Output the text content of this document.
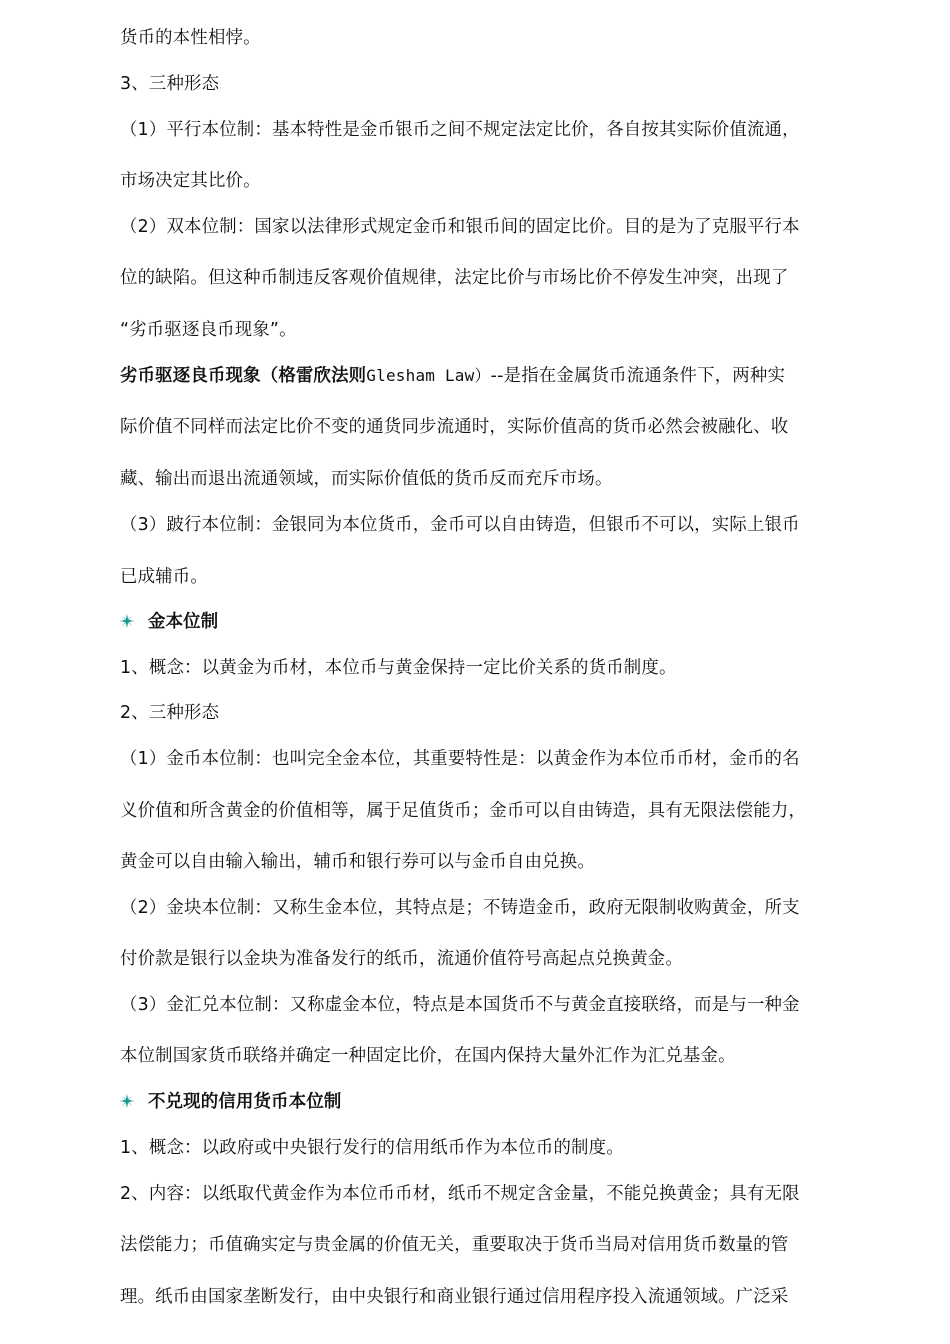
货币的本性相悖。
3、三种形态
（1）平行本位制：基本特性是金币银币之间不规定法定比价，各自按其实际价值流通，
市场决定其比价。
（2）双本位制：国家以法律形式规定金币和银币间的固定比价。目的是为了克服平行本
位的缺陷。但这种币制违反客观价值规律，法定比价与市场比价不停发生冲突，出现了
“劣币驱逐良币现象”。
劣币驱逐良币现象（格雷欣法则Glesham Law）--是指在金属货币流通条件下，两种实
际价值不同样而法定比价不变的通货同步流通时，实际价值高的货币必然会被融化、收
藏、输出而退出流通领域，而实际价值低的货币反而充斥市场。
（3）跛行本位制：金银同为本位货币，金币可以自由铸造，但银币不可以，实际上银币
已成辅币。
金本位制
1、概念：以黄金为币材，本位币与黄金保持一定比价关系的货币制度。
2、三种形态
（1）金币本位制：也叫完全金本位，其重要特性是：以黄金作为本位币币材，金币的名
义价值和所含黄金的价值相等，属于足值货币；金币可以自由铸造，具有无限法偿能力，
黄金可以自由输入输出，辅币和银行券可以与金币自由兑换。
（2）金块本位制：又称生金本位，其特点是；不铸造金币，政府无限制收购黄金，所支
付价款是银行以金块为准备发行的纸币，流通价值符号高起点兑换黄金。
（3）金汇兑本位制：又称虚金本位，特点是本国货币不与黄金直接联络，而是与一种金
本位制国家货币联络并确定一种固定比价，在国内保持大量外汇作为汇兑基金。
不兑现的信用货币本位制
1、概念：以政府或中央银行发行的信用纸币作为本位币的制度。
2、内容：以纸取代黄金作为本位币币材，纸币不规定含金量，不能兑换黄金；具有无限
法偿能力；币值确实定与贵金属的价值无关，重要取决于货币当局对信用货币数量的管
理。纸币由国家垄断发行，由中央银行和商业银行通过信用程序投入流通领域。广泛采
